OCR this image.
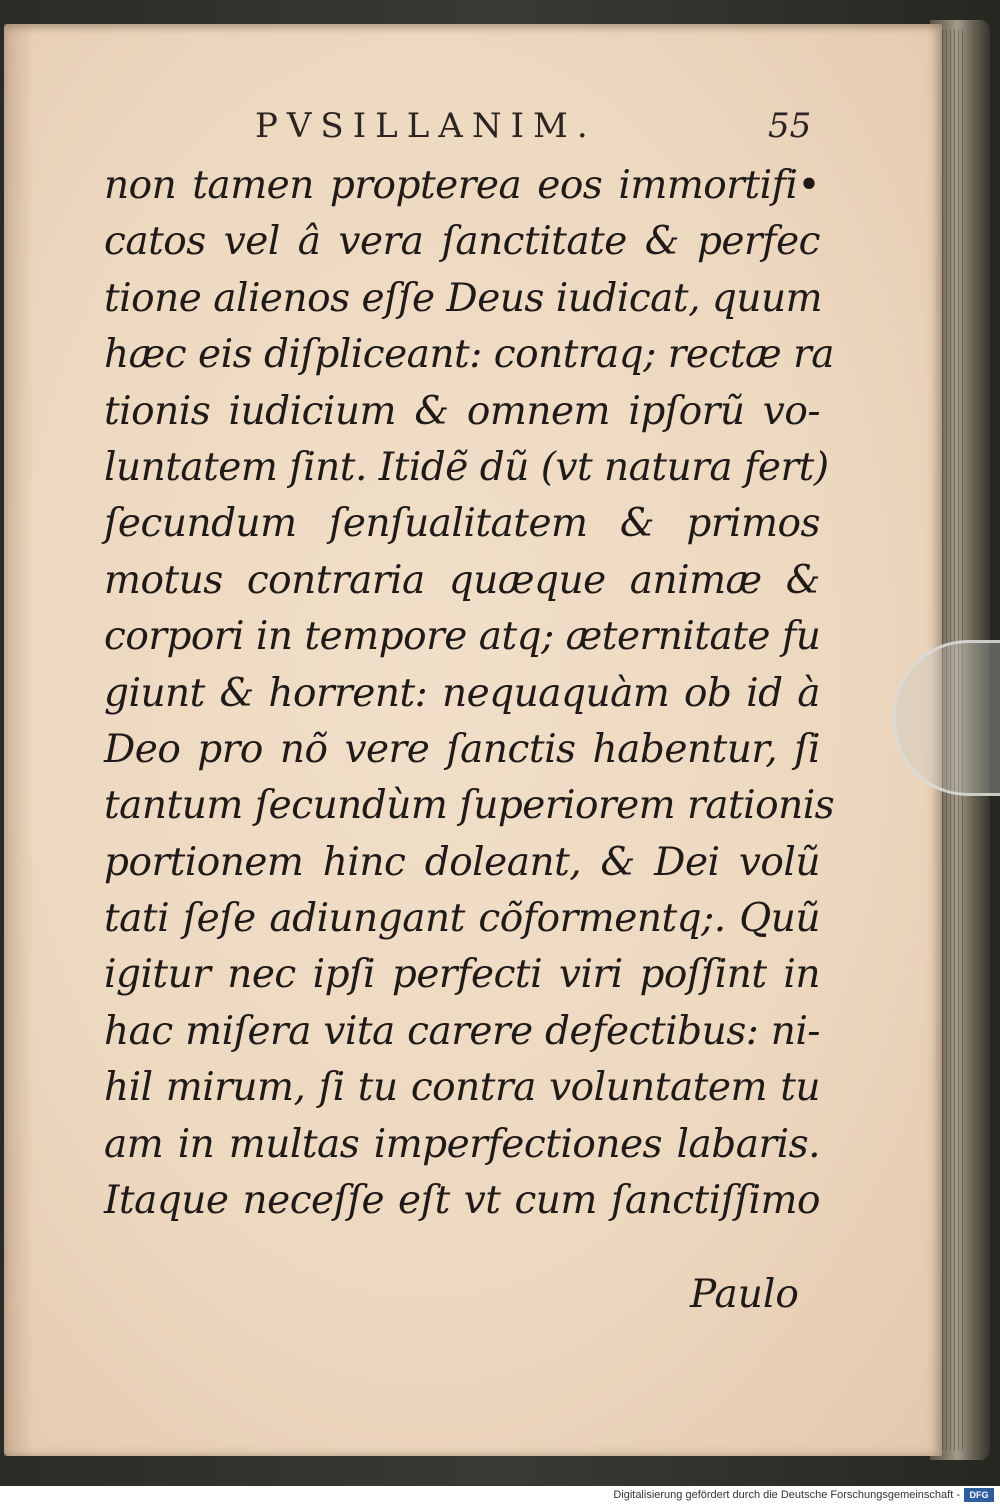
PVSILLANIM.	55
non tamen propterea eos immortifi•
catos vel â vera ſanctitate & perfec
tione alienos eſſe Deus iudicat, quum
hæc eis diſpliceant: contraq; rectæ ra
tionis iudicium & omnem ipſorũ vo-
luntatem ſint. Itidẽ dũ (vt natura fert)
ſecundum ſenſualitatem & primos
motus contraria quæque animæ &
corpori in tempore atq; æternitate fu
giunt & horrent: nequaquàm ob id à
Deo pro nõ vere ſanctis habentur, ſi
tantum ſecundùm ſuperiorem rationis
portionem hinc doleant, & Dei volũ
tati ſeſe adiungant cõformentq;. Quũ
igitur nec ipſi perfecti viri poſſint in
hac miſera vita carere defectibus: ni-
hil mirum, ſi tu contra voluntatem tu
am in multas imperfectiones labaris.
Itaque neceſſe eſt vt cum ſanctiſſimo
Paulo
Digitalisierung gefördert durch die Deutsche Forschungsgemeinschaft -	DFG
